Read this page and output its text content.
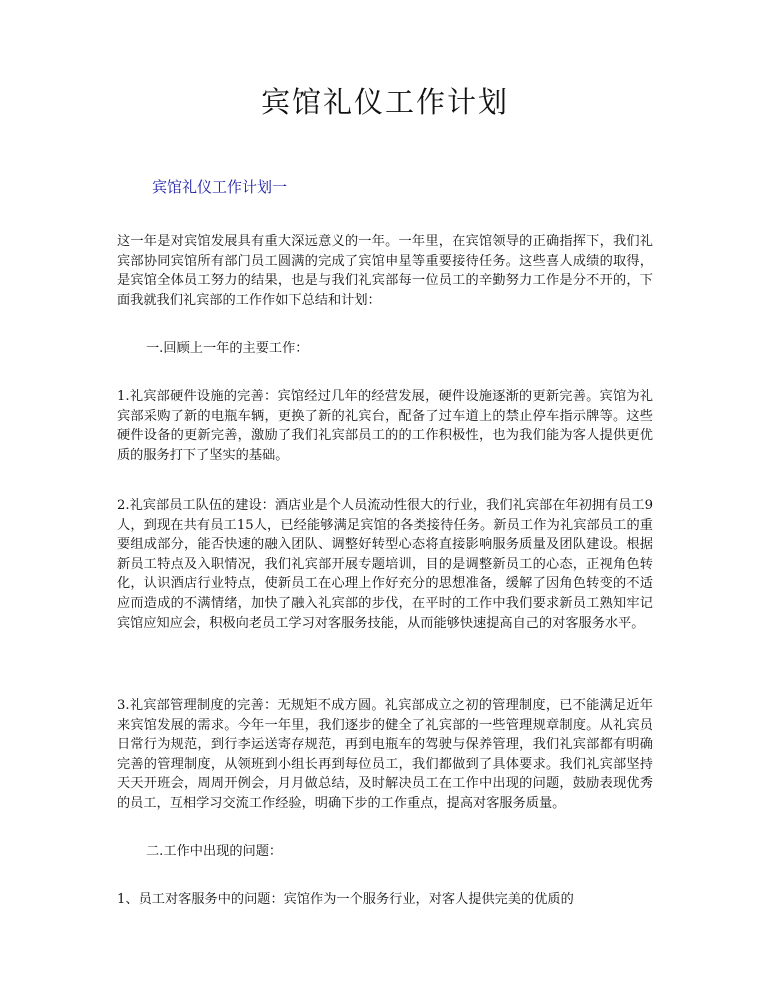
宾馆礼仪工作计划
宾馆礼仪工作计划一

这一年是对宾馆发展具有重大深远意义的一年。一年里，在宾馆领导的正确指挥下，我们礼宾部协同宾馆所有部门员工圆满的完成了宾馆申星等重要接待任务。这些喜人成绩的取得，是宾馆全体员工努力的结果，也是与我们礼宾部每一位员工的辛勤努力工作是分不开的，下面我就我们礼宾部的工作作如下总结和计划：

一.回顾上一年的主要工作：

1.礼宾部硬件设施的完善：宾馆经过几年的经营发展，硬件设施逐渐的更新完善。宾馆为礼宾部采购了新的电瓶车辆，更换了新的礼宾台，配备了过车道上的禁止停车指示牌等。这些硬件设备的更新完善，激励了我们礼宾部员工的的工作积极性，也为我们能为客人提供更优质的服务打下了坚实的基础。

2.礼宾部员工队伍的建设：酒店业是个人员流动性很大的行业，我们礼宾部在年初拥有员工9人，到现在共有员工15人，已经能够满足宾馆的各类接待任务。新员工作为礼宾部员工的重要组成部分，能否快速的融入团队、调整好转型心态将直接影响服务质量及团队建设。根据新员工特点及入职情况，我们礼宾部开展专题培训，目的是调整新员工的心态，正视角色转化，认识酒店行业特点，使新员工在心理上作好充分的思想准备，缓解了因角色转变的不适应而造成的不满情绪，加快了融入礼宾部的步伐，在平时的工作中我们要求新员工熟知牢记宾馆应知应会，积极向老员工学习对客服务技能，从而能够快速提高自己的对客服务水平。

3.礼宾部管理制度的完善：无规矩不成方圆。礼宾部成立之初的管理制度，已不能满足近年来宾馆发展的需求。今年一年里，我们逐步的健全了礼宾部的一些管理规章制度。从礼宾员日常行为规范，到行李运送寄存规范，再到电瓶车的驾驶与保养管理，我们礼宾部都有明确完善的管理制度，从领班到小组长再到每位员工，我们都做到了具体要求。我们礼宾部坚持天天开班会，周周开例会，月月做总结，及时解决员工在工作中出现的问题，鼓励表现优秀的员工，互相学习交流工作经验，明确下步的工作重点，提高对客服务质量。

二.工作中出现的问题：

1、员工对客服务中的问题：宾馆作为一个服务行业，对客人提供完美的优质的
